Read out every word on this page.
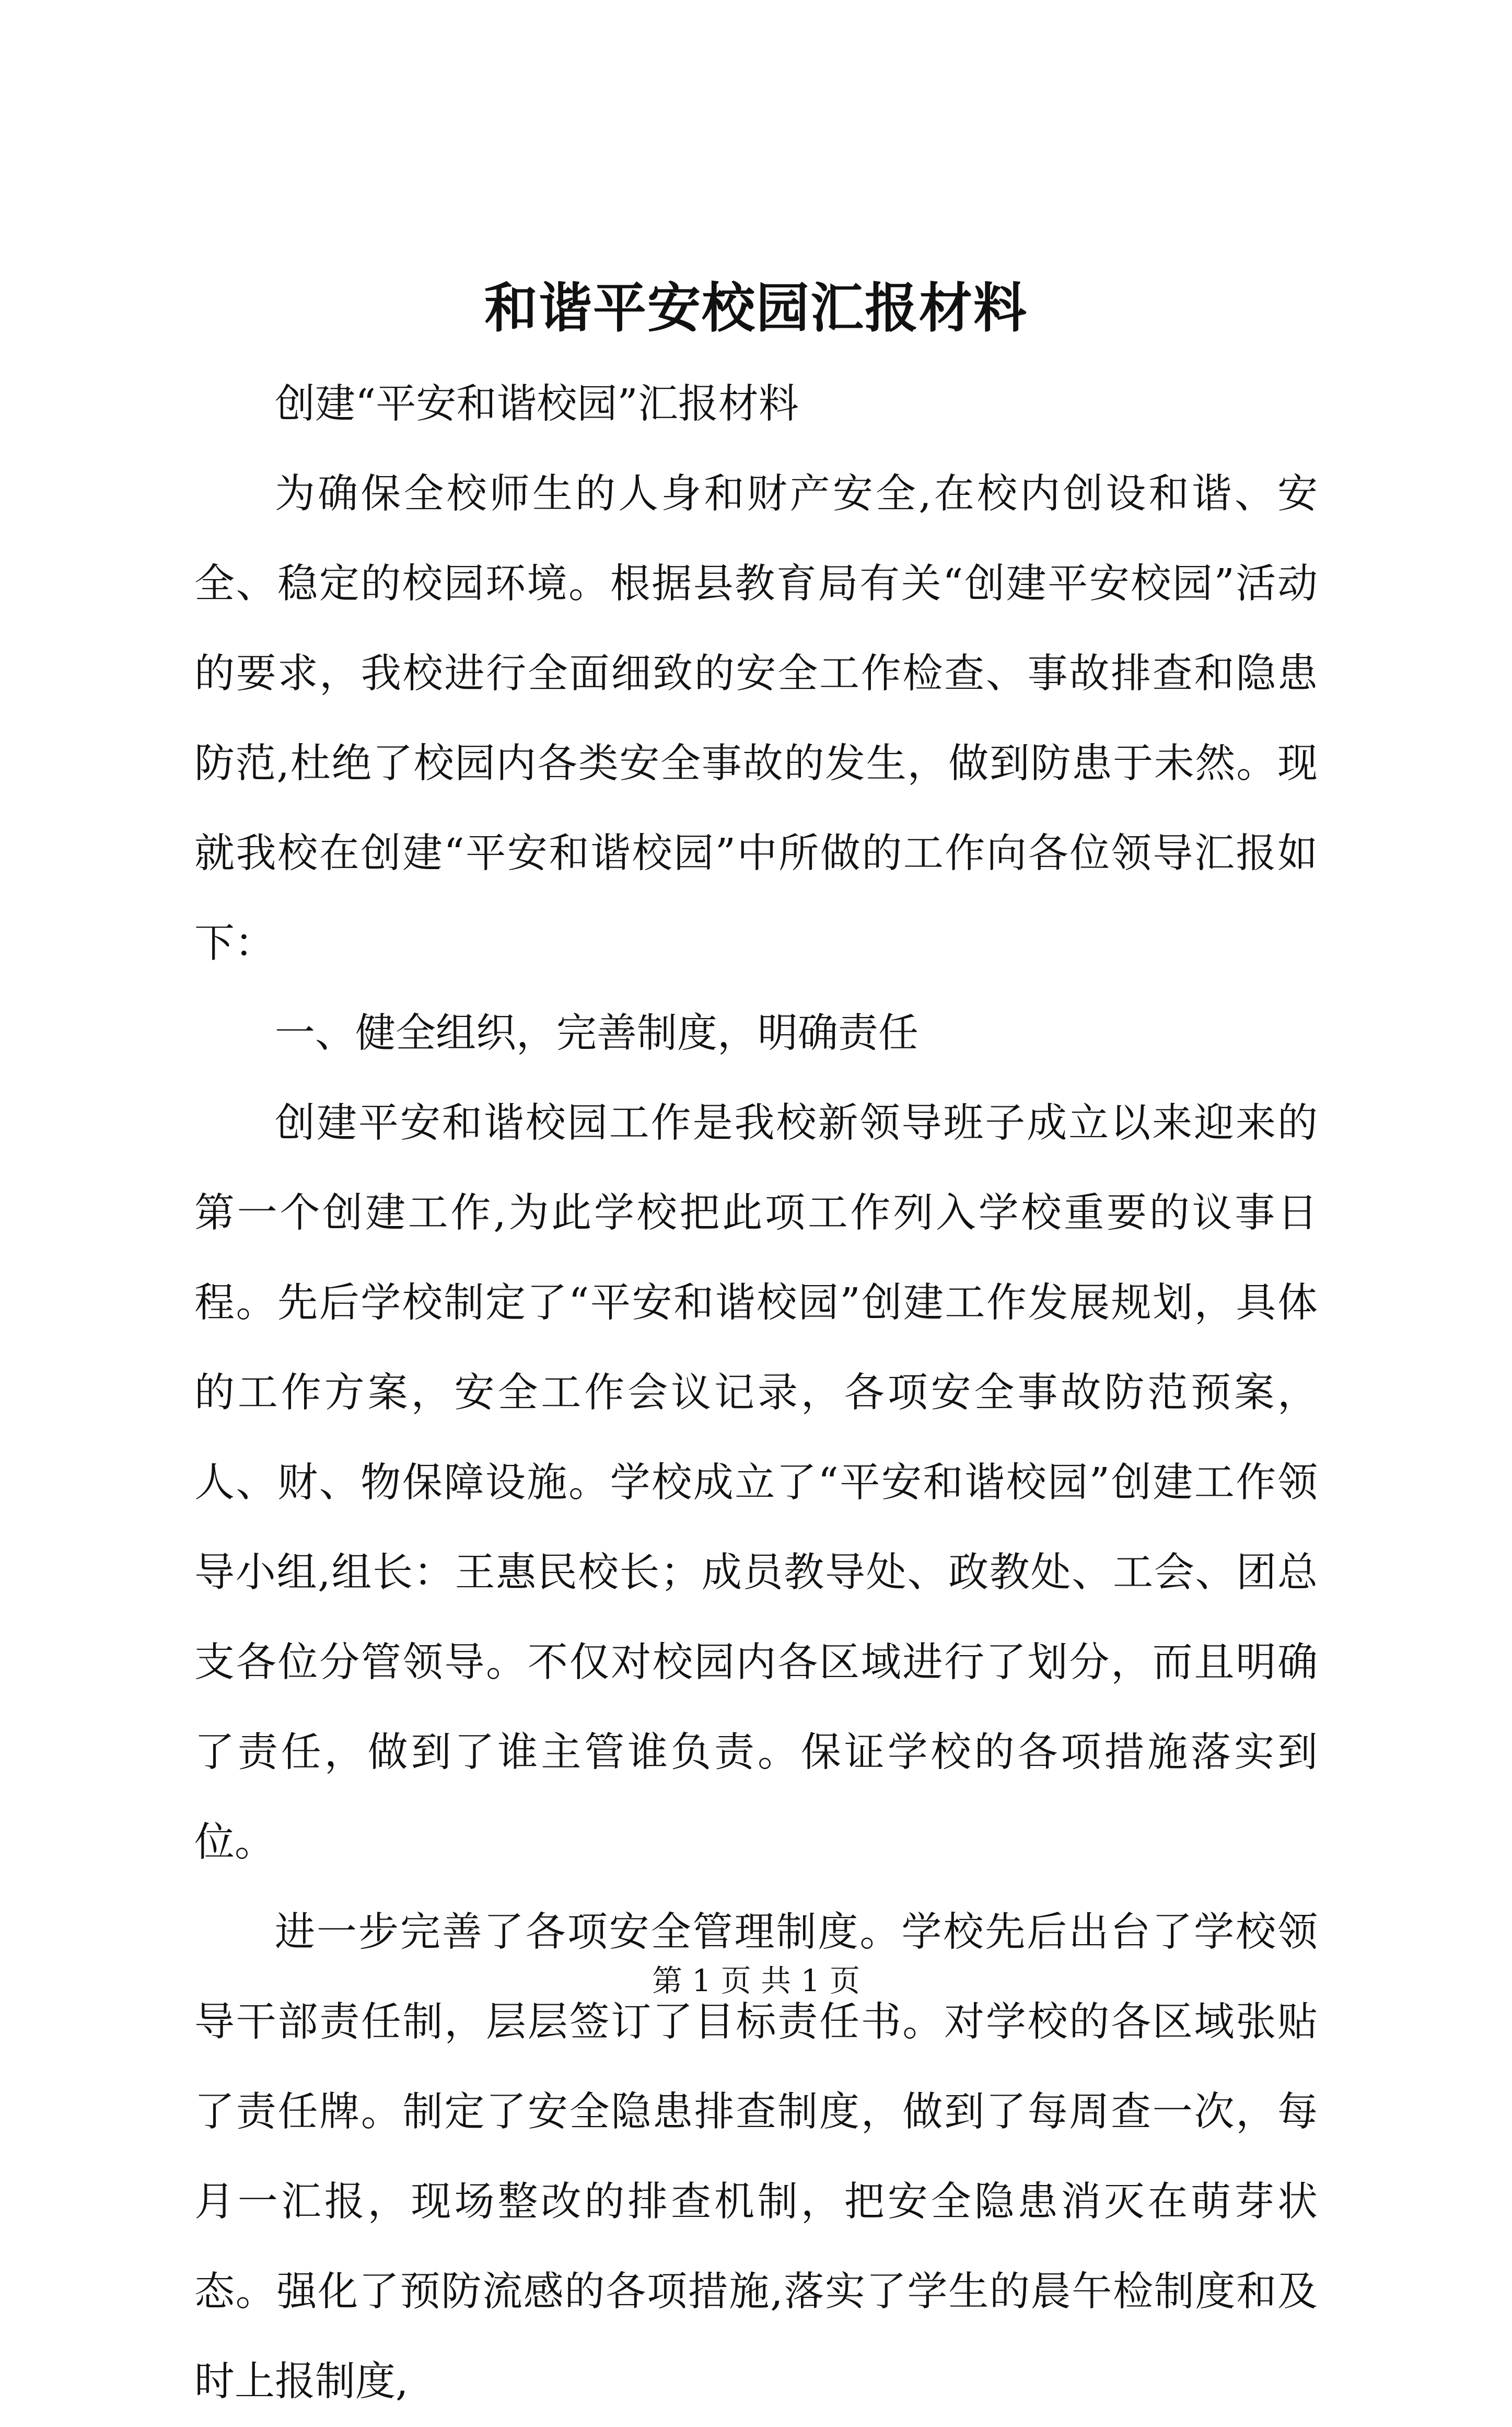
和谐平安校园汇报材料

创建“平安和谐校园”汇报材料

为确保全校师生的人身和财产安全,在校内创设和谐、安全、稳定的校园环境。根据县教育局有关“创建平安校园”活动的要求，我校进行全面细致的安全工作检查、事故排查和隐患防范,杜绝了校园内各类安全事故的发生，做到防患于未然。现就我校在创建“平安和谐校园”中所做的工作向各位领导汇报如下：

一、健全组织，完善制度，明确责任

创建平安和谐校园工作是我校新领导班子成立以来迎来的第一个创建工作,为此学校把此项工作列入学校重要的议事日程。先后学校制定了“平安和谐校园”创建工作发展规划，具体的工作方案，安全工作会议记录，各项安全事故防范预案，人、财、物保障设施。学校成立了“平安和谐校园”创建工作领导小组,组长：王惠民校长；成员教导处、政教处、工会、团总支各位分管领导。不仅对校园内各区域进行了划分，而且明确了责任，做到了谁主管谁负责。保证学校的各项措施落实到位。

进一步完善了各项安全管理制度。学校先后出台了学校领导干部责任制，层层签订了目标责任书。对学校的各区域张贴了责任牌。制定了安全隐患排查制度，做到了每周查一次，每月一汇报，现场整改的排查机制，把安全隐患消灭在萌芽状态。强化了预防流感的各项措施,落实了学生的晨午检制度和及时上报制度,

第 1 页 共 1 页
